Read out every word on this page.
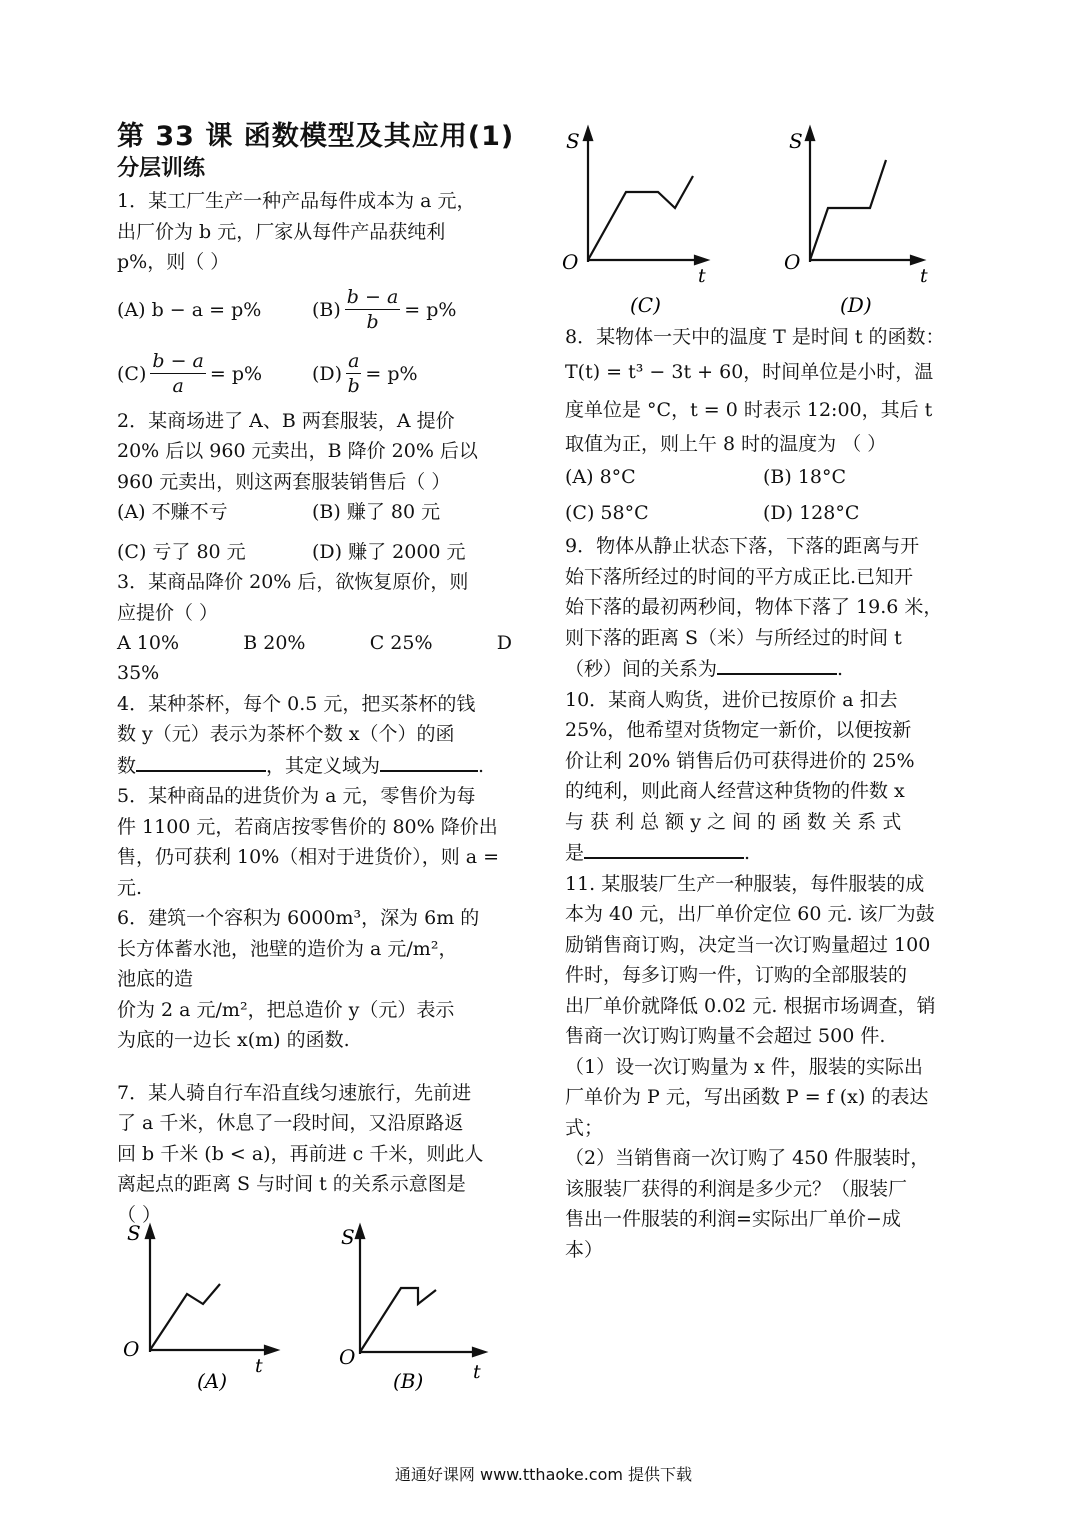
第 33 课 函数模型及其应用(1)
分层训练
1．某工厂生产一种产品每件成本为 a 元，
出厂价为 b 元，厂家从每件产品获纯利
p%，则（ ）
(A) b − a = p%	$(B) \frac{b - a}{b} = p\%$
$(C) \frac{b - a}{a} = p\%$	$(D) \frac{a}{b} = p\%$
2．某商场进了 A、B 两套服装，A 提价
20% 后以 960 元卖出，B 降价 20% 后以
960 元卖出，则这两套服装销售后（ ）
(A) 不赚不亏	(B) 赚了 80 元
(C) 亏了 80 元	(D) 赚了 2000 元
3．某商品降价 20% 后，欲恢复原价，则
应提价（ ）
A 10%	B 20%	C 25%	D
35%
4．某种茶杯，每个 0.5 元，把买茶杯的钱
数 y（元）表示为茶杯个数 x（个）的函
数	，其定义域为	.
5．某种商品的进货价为 a 元，零售价为每
件 1100 元，若商店按零售价的 80% 降价出
售，仍可获利 10%（相对于进货价），则 a =
元.
6．建筑一个容积为 6000m³，深为 6m 的
长方体蓄水池，池壁的造价为 a 元/m²，
池底的造
价为 2 a 元/m²，把总造价 y（元）表示
为底的一边长 x(m) 的函数.
7．某人骑自行车沿直线匀速旅行，先前进
了 a 千米，休息了一段时间，又沿原路返
回 b 千米 (b < a)，再前进 c 千米，则此人
离起点的距离 S 与时间 t 的关系示意图是
（ ）
S
O
t
(A)
S
O
t
(B)
S
O
t
(C)
S
O
t
(D)
8．某物体一天中的温度 T 是时间 t 的函数：
T(t) = t³ − 3t + 60，时间单位是小时，温
度单位是 °C，t = 0 时表示 12:00，其后 t
取值为正，则上午 8 时的温度为 （ ）
(A) 8°C	(B) 18°C
(C) 58°C	(D) 128°C
9．物体从静止状态下落，下落的距离与开
始下落所经过的时间的平方成正比.已知开
始下落的最初两秒间，物体下落了 19.6 米，
则下落的距离 S（米）与所经过的时间 t
（秒）间的关系为	.
10．某商人购货，进价已按原价 a 扣去
25%，他希望对货物定一新价，以便按新
价让利 20% 销售后仍可获得进价的 25%
的纯利，则此商人经营这种货物的件数 x
与 获 利 总 额 y 之 间 的 函 数 关 系 式
是	.
11. 某服装厂生产一种服装，每件服装的成
本为 40 元，出厂单价定位 60 元. 该厂为鼓
励销售商订购，决定当一次订购量超过 100
件时，每多订购一件，订购的全部服装的
出厂单价就降低 0.02 元. 根据市场调查，销
售商一次订购订购量不会超过 500 件.
（1）设一次订购量为 x 件，服装的实际出
厂单价为 P 元，写出函数 P = f (x) 的表达
式；
（2）当销售商一次订购了 450 件服装时，
该服装厂获得的利润是多少元？（服装厂
售出一件服装的利润=实际出厂单价−成
本）
通通好课网 www.tthaoke.com 提供下载
